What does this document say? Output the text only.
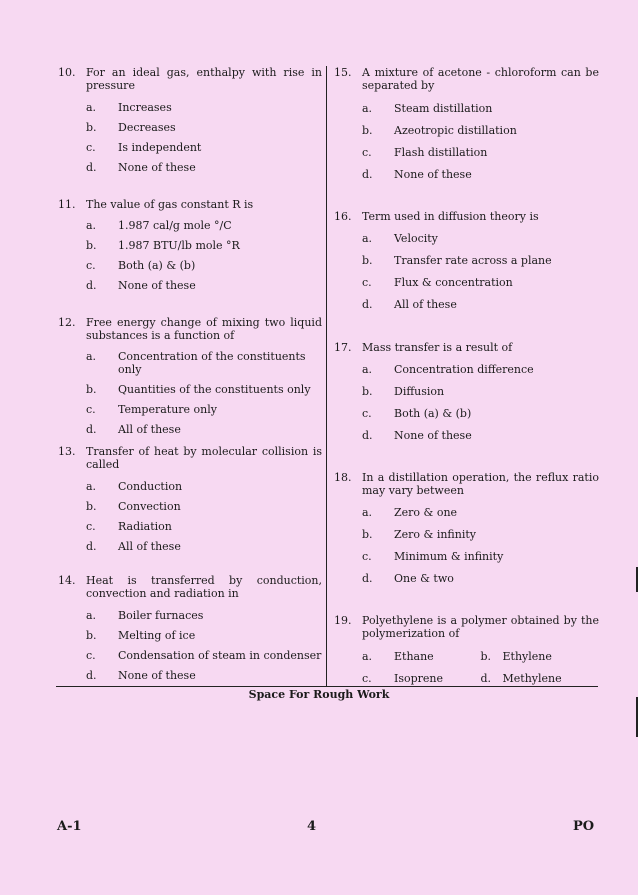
10. For an ideal gas, enthalpy with rise in pressure
a.	Increases
b.	Decreases
c.	Is independent
d.	None of these
11. The value of gas constant R is
a.	1.987 cal/g mole °/C
b.	1.987 BTU/lb mole °R
c.	Both (a) & (b)
d.	None of these
12. Free energy change of mixing two liquid substances is a function of
a.	Concentration of the constituents only
b.	Quantities of the constituents only
c.	Temperature only
d.	All of these
13. Transfer of heat by molecular collision is called
a.	Conduction
b.	Convection
c.	Radiation
d.	All of these
14. Heat is transferred by conduction, convection and radiation in
a.	Boiler furnaces
b.	Melting of ice
c.	Condensation of steam in condenser
d.	None of these
15. A mixture of acetone - chloroform can be separated by
a.	Steam distillation
b.	Azeotropic distillation
c.	Flash distillation
d.	None of these
16. Term used in diffusion theory is
a.	Velocity
b.	Transfer rate across a plane
c.	Flux & concentration
d.	All of these
17. Mass transfer is a result of
a.	Concentration difference
b.	Diffusion
c.	Both (a) & (b)
d.	None of these
18. In a distillation operation, the reflux ratio may vary between
a.	Zero & one
b.	Zero & infinity
c.	Minimum & infinity
d.	One & two
19. Polyethylene is a polymer obtained by the polymerization of
a.	Ethane	b.	Ethylene
c.	Isoprene	d.	Methylene
Space For Rough Work
A-1	4	PO
